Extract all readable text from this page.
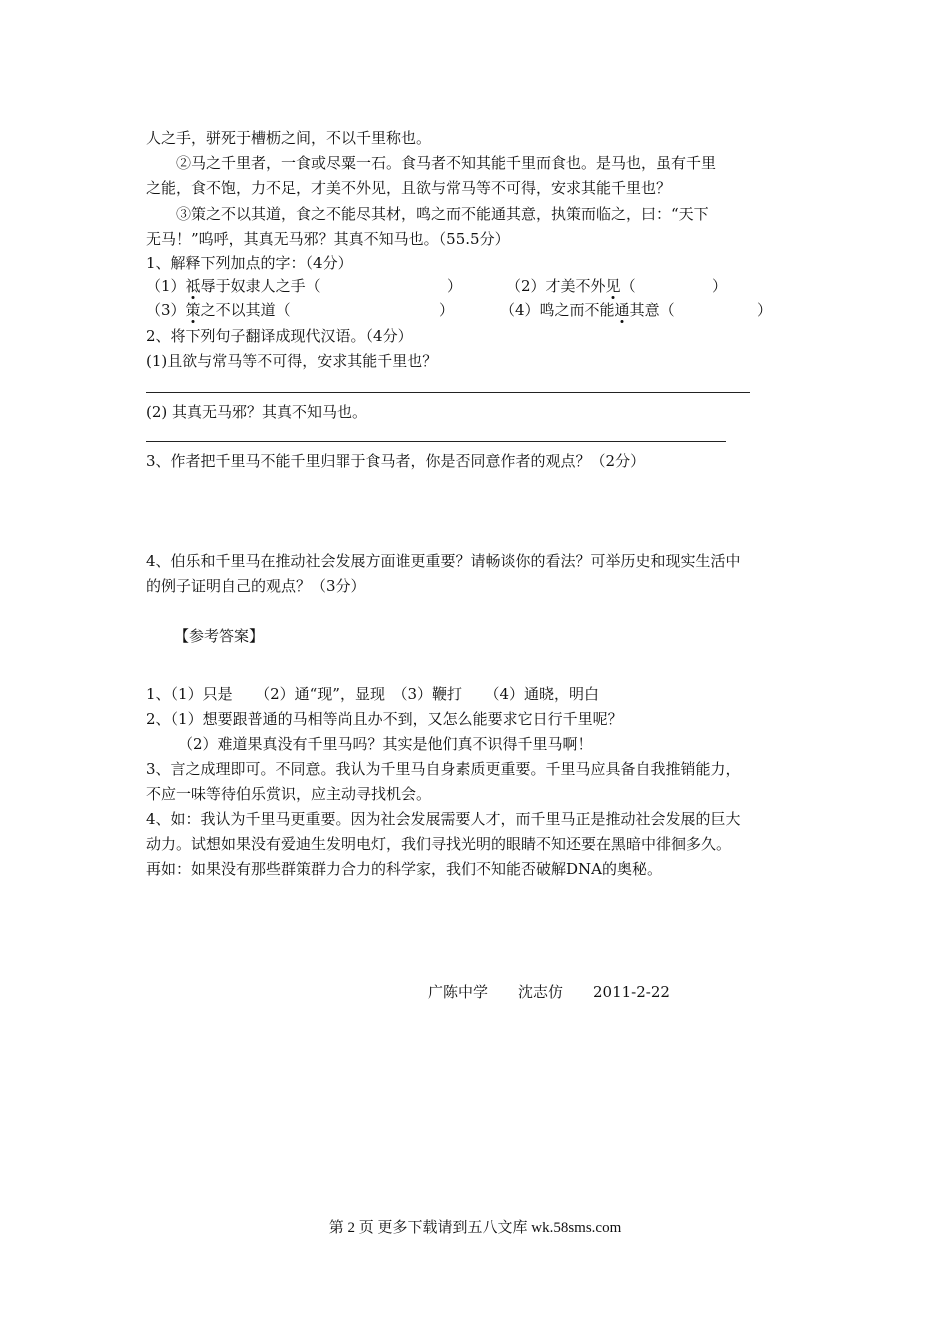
人之手，骈死于槽枥之间，不以千里称也。
②马之千里者，一食或尽粟一石。食马者不知其能千里而食也。是马也，虽有千里
之能，食不饱，力不足，才美不外见，且欲与常马等不可得，安求其能千里也？
③策之不以其道，食之不能尽其材，鸣之而不能通其意，执策而临之，曰：“天下
无马！”呜呼，其真无马邪？其真不知马也。（55.5分）
1、解释下列加点的字：（4分）
（1）祗辱于奴隶人之手（	）	（2）才美不外见（	）
（3）策之不以其道（	）	（4）鸣之而不能通其意（	）
2、将下列句子翻译成现代汉语。（4分）
(1)且欲与常马等不可得，安求其能千里也？
(2) 其真无马邪？其真不知马也。
3、作者把千里马不能千里归罪于食马者，你是否同意作者的观点？（2分）
4、伯乐和千里马在推动社会发展方面谁更重要？请畅谈你的看法？可举历史和现实生活中
的例子证明自己的观点？（3分）
【参考答案】
1、（1）只是　　（2）通“现”，显现　（3）鞭打　　（4）通晓，明白
2、（1）想要跟普通的马相等尚且办不到，又怎么能要求它日行千里呢？
（2）难道果真没有千里马吗？其实是他们真不识得千里马啊！
3、言之成理即可。不同意。我认为千里马自身素质更重要。千里马应具备自我推销能力，
不应一味等待伯乐赏识，应主动寻找机会。
4、如：我认为千里马更重要。因为社会发展需要人才，而千里马正是推动社会发展的巨大
动力。试想如果没有爱迪生发明电灯，我们寻找光明的眼睛不知还要在黑暗中徘徊多久。
再如：如果没有那些群策群力合力的科学家，我们不知能否破解DNA的奥秘。
广陈中学　　沈志仿　　2011-2-22
第 2 页 更多下载请到五八文库 wk.58sms.com
